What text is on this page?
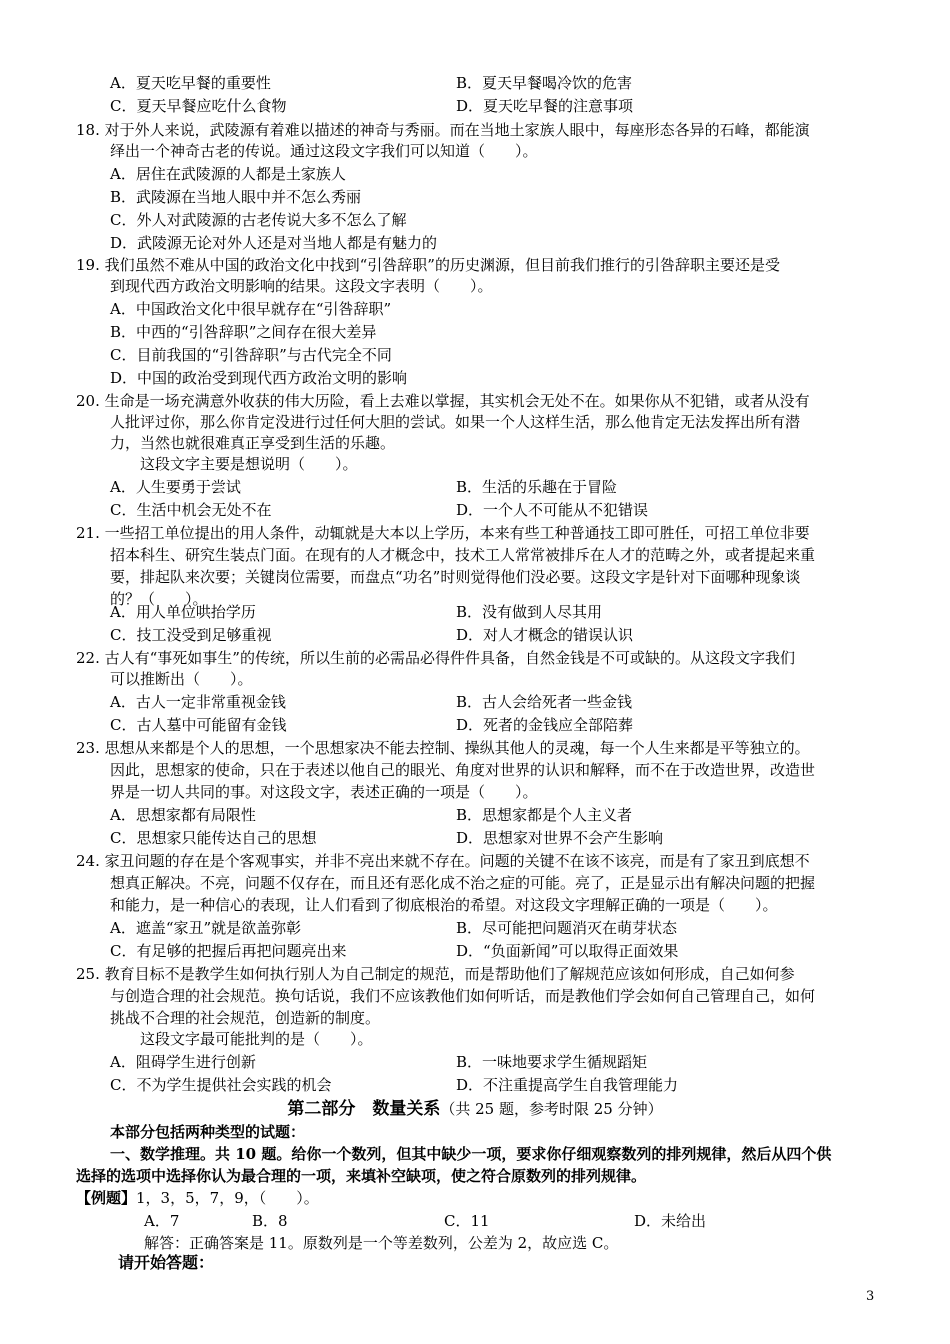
A．夏天吃早餐的重要性	B．夏天早餐喝冷饮的危害
C．夏天早餐应吃什么食物	D．夏天吃早餐的注意事项
18. 对于外人来说，武陵源有着难以描述的神奇与秀丽。而在当地土家族人眼中，每座形态各异的石峰，都能演
绎出一个神奇古老的传说。通过这段文字我们可以知道（　　）。
A．居住在武陵源的人都是土家族人
B．武陵源在当地人眼中并不怎么秀丽
C．外人对武陵源的古老传说大多不怎么了解
D．武陵源无论对外人还是对当地人都是有魅力的
19. 我们虽然不难从中国的政治文化中找到“引咎辞职”的历史渊源，但目前我们推行的引咎辞职主要还是受
到现代西方政治文明影响的结果。这段文字表明（　　）。
A．中国政治文化中很早就存在“引咎辞职”
B．中西的“引咎辞职”之间存在很大差异
C．目前我国的“引咎辞职”与古代完全不同
D．中国的政治受到现代西方政治文明的影响
20. 生命是一场充满意外收获的伟大历险，看上去难以掌握，其实机会无处不在。如果你从不犯错，或者从没有
人批评过你，那么你肯定没进行过任何大胆的尝试。如果一个人这样生活，那么他肯定无法发挥出所有潜
力，当然也就很难真正享受到生活的乐趣。
这段文字主要是想说明（　　）。
A．人生要勇于尝试	B．生活的乐趣在于冒险
C．生活中机会无处不在	D．一个人不可能从不犯错误
21. 一些招工单位提出的用人条件，动辄就是大本以上学历，本来有些工种普通技工即可胜任，可招工单位非要
招本科生、研究生装点门面。在现有的人才概念中，技术工人常常被排斥在人才的范畴之外，或者提起来重
要，排起队来次要；关键岗位需要，而盘点“功名”时则觉得他们没必要。这段文字是针对下面哪种现象谈
的？（　　）。
A．用人单位哄抬学历	B．没有做到人尽其用
C．技工没受到足够重视	D．对人才概念的错误认识
22. 古人有“事死如事生”的传统，所以生前的必需品必得件件具备，自然金钱是不可或缺的。从这段文字我们
可以推断出（　　）。
A．古人一定非常重视金钱	B．古人会给死者一些金钱
C．古人墓中可能留有金钱	D．死者的金钱应全部陪葬
23. 思想从来都是个人的思想，一个思想家决不能去控制、操纵其他人的灵魂，每一个人生来都是平等独立的。
因此，思想家的使命，只在于表述以他自己的眼光、角度对世界的认识和解释，而不在于改造世界，改造世
界是一切人共同的事。对这段文字，表述正确的一项是（　　）。
A．思想家都有局限性	B．思想家都是个人主义者
C．思想家只能传达自己的思想	D．思想家对世界不会产生影响
24. 家丑问题的存在是个客观事实，并非不亮出来就不存在。问题的关键不在该不该亮，而是有了家丑到底想不
想真正解决。不亮，问题不仅存在，而且还有恶化成不治之症的可能。亮了，正是显示出有解决问题的把握
和能力，是一种信心的表现，让人们看到了彻底根治的希望。对这段文字理解正确的一项是（　　）。
A．遮盖“家丑”就是欲盖弥彰	B．尽可能把问题消灭在萌芽状态
C．有足够的把握后再把问题亮出来	D．“负面新闻”可以取得正面效果
25. 教育目标不是教学生如何执行别人为自己制定的规范，而是帮助他们了解规范应该如何形成，自己如何参
与创造合理的社会规范。换句话说，我们不应该教他们如何听话，而是教他们学会如何自己管理自己，如何
挑战不合理的社会规范，创造新的制度。
这段文字最可能批判的是（　　）。
A．阻碍学生进行创新	B．一味地要求学生循规蹈矩
C．不为学生提供社会实践的机会	D．不注重提高学生自我管理能力
第二部分　数量关系（共 25 题，参考时限 25 分钟）
本部分包括两种类型的试题：
一、数学推理。共 10 题。给你一个数列，但其中缺少一项，要求你仔细观察数列的排列规律，然后从四个供
选择的选项中选择你认为最合理的一项，来填补空缺项，使之符合原数列的排列规律。
【例题】1，3，5，7，9，（　　）。
A．7	B．8	C．11	D．未给出
解答：正确答案是 11。原数列是一个等差数列，公差为 2，故应选 C。
请开始答题：
3
